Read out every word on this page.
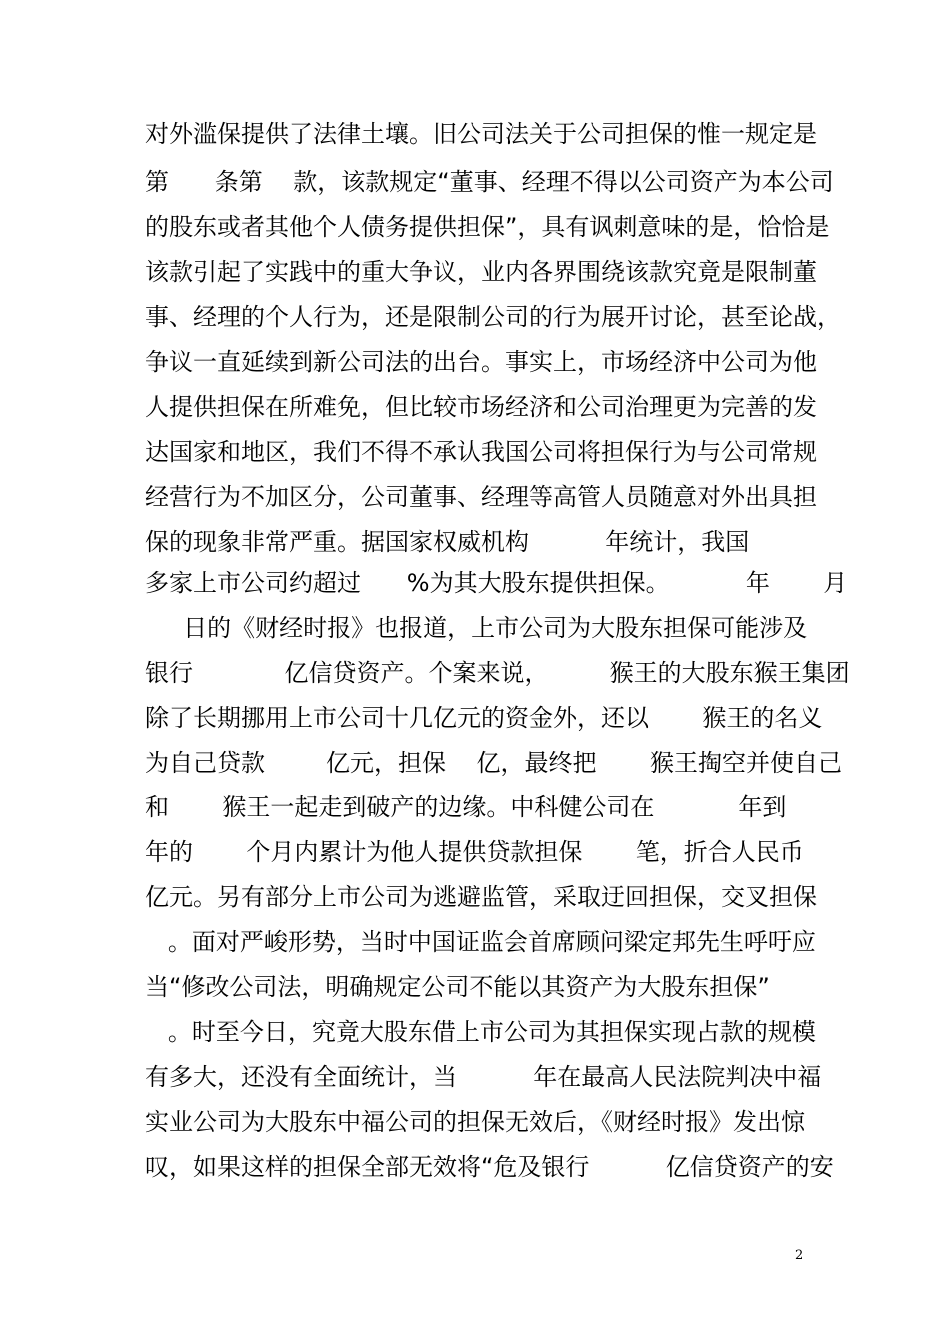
对外滥保提供了法律土壤。旧公司法关于公司担保的惟一规定是

第      条第    款，该款规定“董事、经理不得以公司资产为本公司

的股东或者其他个人债务提供担保”，具有讽刺意味的是，恰恰是

该款引起了实践中的重大争议，业内各界围绕该款究竟是限制董

事、经理的个人行为，还是限制公司的行为展开讨论，甚至论战，

争议一直延续到新公司法的出台。事实上，市场经济中公司为他

人提供担保在所难免，但比较市场经济和公司治理更为完善的发

达国家和地区，我们不得不承认我国公司将担保行为与公司常规

经营行为不加区分，公司董事、经理等高管人员随意对外出具担

保的现象非常严重。据国家权威机构          年统计，我国

多家上市公司约超过      %为其大股东提供担保。          年       月

日的《财经时报》也报道，上市公司为大股东担保可能涉及

银行            亿信贷资产。个案来说，        猴王的大股东猴王集团

除了长期挪用上市公司十几亿元的资金外，还以       猴王的名义

为自己贷款        亿元，担保    亿，最终把       猴王掏空并使自己

和       猴王一起走到破产的边缘。中科健公司在           年到

年的       个月内累计为他人提供贷款担保       笔，折合人民币

亿元。另有部分上市公司为逃避监管，采取迂回担保，交叉担保

。面对严峻形势，当时中国证监会首席顾问梁定邦先生呼吁应

当“修改公司法，明确规定公司不能以其资产为大股东担保”

。时至今日，究竟大股东借上市公司为其担保实现占款的规模

有多大，还没有全面统计，当          年在最高人民法院判决中福

实业公司为大股东中福公司的担保无效后，《财经时报》发出惊

叹，如果这样的担保全部无效将“危及银行          亿信贷资产的安

2
